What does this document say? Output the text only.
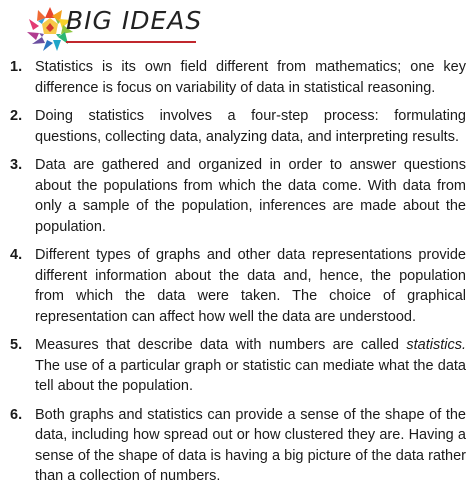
BIG IDEAS
1. Statistics is its own field different from mathematics; one key difference is focus on variability of data in statistical reasoning.
2. Doing statistics involves a four-step process: formulating questions, collecting data, analyzing data, and interpreting results.
3. Data are gathered and organized in order to answer questions about the populations from which the data come. With data from only a sample of the population, inferences are made about the population.
4. Different types of graphs and other data representations provide different information about the data and, hence, the population from which the data were taken. The choice of graphical representation can affect how well the data are understood.
5. Measures that describe data with numbers are called statistics. The use of a particular graph or statistic can mediate what the data tell about the population.
6. Both graphs and statistics can provide a sense of the shape of the data, including how spread out or how clustered they are. Having a sense of the shape of data is having a big picture of the data rather than a collection of numbers.
